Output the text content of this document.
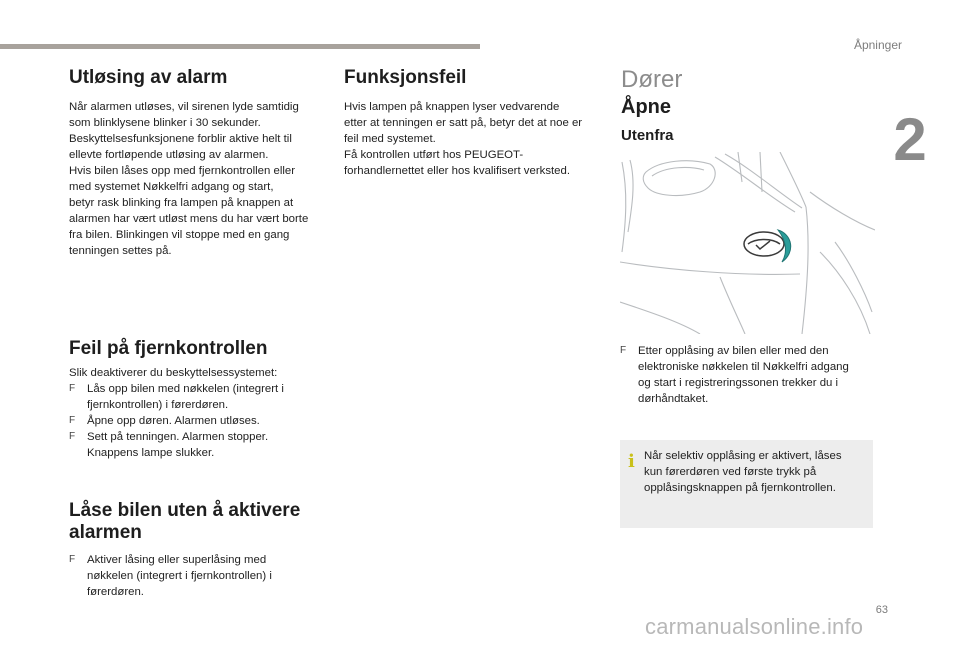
Åpninger
2
Utløsing av alarm

Når alarmen utløses, vil sirenen lyde samtidig
som blinklysene blinker i 30 sekunder.
Beskyttelsesfunksjonene forblir aktive helt til
ellevte fortløpende utløsing av alarmen.
Hvis bilen låses opp med fjernkontrollen eller
med systemet Nøkkelfri adgang og start,
betyr rask blinking fra lampen på knappen at
alarmen har vært utløst mens du har vært borte
fra bilen. Blinkingen vil stoppe med en gang
tenningen settes på.

Feil på fjernkontrollen

Slik deaktiverer du beskyttelsessystemet:

F Lås opp bilen med nøkkelen (integrert i
fjernkontrollen) i førerdøren.
F Åpne opp døren. Alarmen utløses.
F Sett på tenningen. Alarmen stopper.
Knappens lampe slukker.
Låse bilen uten å aktivere
alarmen
F Aktiver låsing eller superlåsing med
nøkkelen (integrert i fjernkontrollen) i
førerdøren.
Funksjonsfeil

Hvis lampen på knappen lyser vedvarende
etter at tenningen er satt på, betyr det at noe er
feil med systemet.
Få kontrollen utført hos PEUGEOT-
forhandlernettet eller hos kvalifisert verksted.

Dører
Åpne
Utenfra
F Etter opplåsing av bilen eller med den
elektroniske nøkkelen til Nøkkelfri adgang
og start i registreringssonen trekker du i
dørhåndtaket.
i Når selektiv opplåsing er aktivert, låses
kun førerdøren ved første trykk på
opplåsingsknappen på fjernkontrollen.
63
carmanualsonline.info
